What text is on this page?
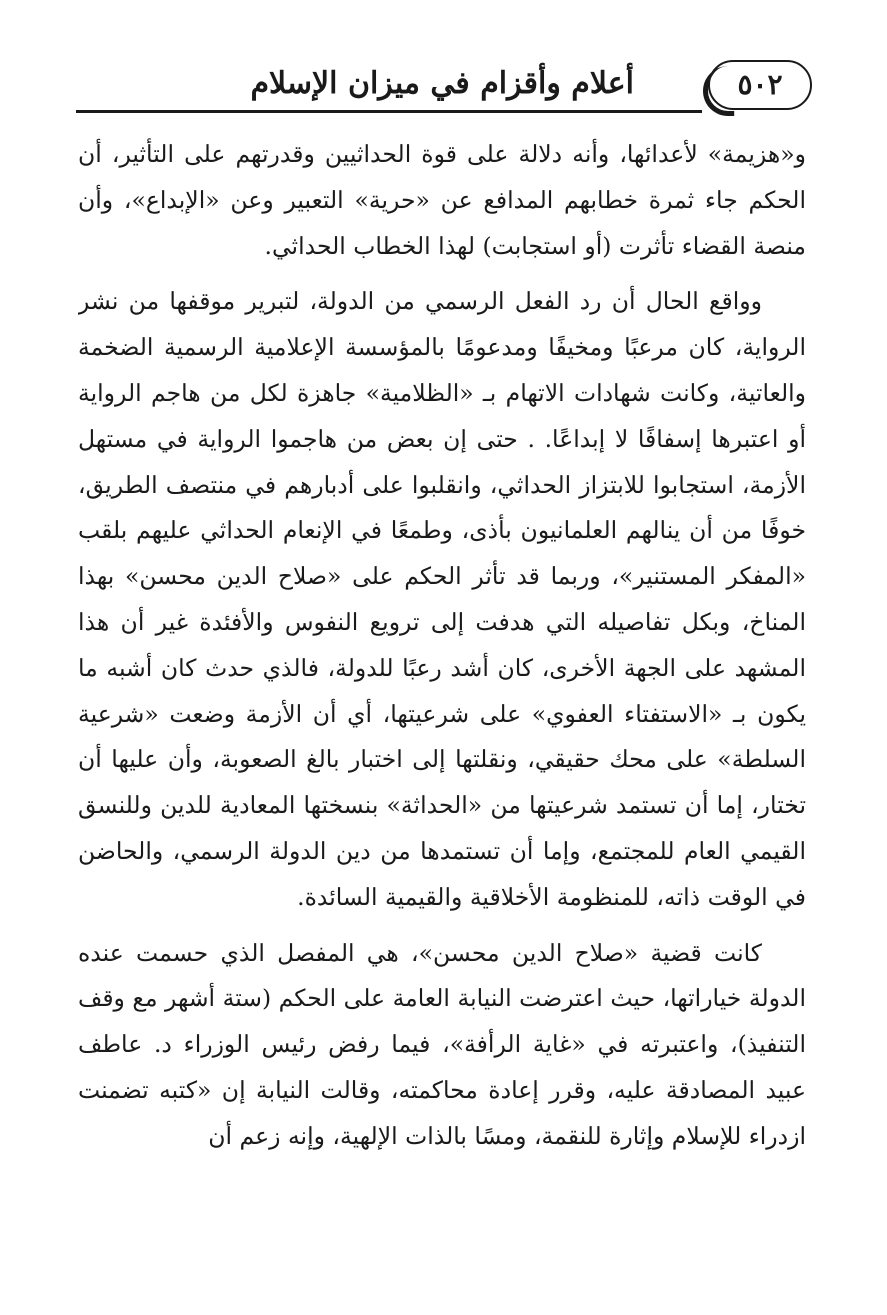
أعلام وأقزام في ميزان الإسلام	٥٠٢

و«هزيمة» لأعدائها، وأنه دلالة على قوة الحداثيين وقدرتهم على التأثير، أن الحكم جاء ثمرة خطابهم المدافع عن «حرية» التعبير وعن «الإبداع»، وأن منصة القضاء تأثرت (أو استجابت) لهذا الخطاب الحداثي.

وواقع الحال أن رد الفعل الرسمي من الدولة، لتبرير موقفها من نشر الرواية، كان مرعبًا ومخيفًا ومدعومًا بالمؤسسة الإعلامية الرسمية الضخمة والعاتية، وكانت شهادات الاتهام بـ «الظلامية» جاهزة لكل من هاجم الرواية أو اعتبرها إسفافًا لا إبداعًا. . حتى إن بعض من هاجموا الرواية في مستهل الأزمة، استجابوا للابتزاز الحداثي، وانقلبوا على أدبارهم في منتصف الطريق، خوفًا من أن ينالهم العلمانيون بأذى، وطمعًا في الإنعام الحداثي عليهم بلقب «المفكر المستنير»، وربما قد تأثر الحكم على «صلاح الدين محسن» بهذا المناخ، وبكل تفاصيله التي هدفت إلى ترويع النفوس والأفئدة غير أن هذا المشهد على الجهة الأخرى، كان أشد رعبًا للدولة، فالذي حدث كان أشبه ما يكون بـ «الاستفتاء العفوي» على شرعيتها، أي أن الأزمة وضعت «شرعية السلطة» على محك حقيقي، ونقلتها إلى اختبار بالغ الصعوبة، وأن عليها أن تختار، إما أن تستمد شرعيتها من «الحداثة» بنسختها المعادية للدين وللنسق القيمي العام للمجتمع، وإما أن تستمدها من دين الدولة الرسمي، والحاضن في الوقت ذاته، للمنظومة الأخلاقية والقيمية السائدة.

كانت قضية «صلاح الدين محسن»، هي المفصل الذي حسمت عنده الدولة خياراتها، حيث اعترضت النيابة العامة على الحكم (ستة أشهر مع وقف التنفيذ)، واعتبرته في «غاية الرأفة»، فيما رفض رئيس الوزراء د. عاطف عبيد المصادقة عليه، وقرر إعادة محاكمته، وقالت النيابة إن «كتبه تضمنت ازدراء للإسلام وإثارة للنقمة، ومسًا بالذات الإلهية، وإنه زعم أن
